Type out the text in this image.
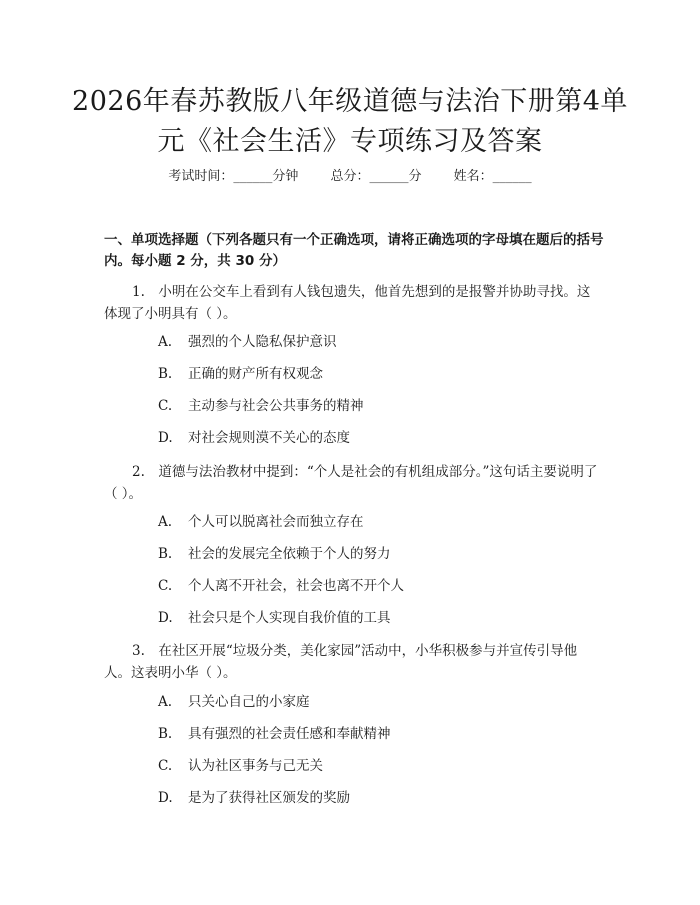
2026年春苏教版八年级道德与法治下册第4单元《社会生活》专项练习及答案
考试时间：______分钟 总分：______分 姓名：______
一、单项选择题（下列各题只有一个正确选项，请将正确选项的字母填在题后的括号内。每小题 2 分，共 30 分）
1.　小明在公交车上看到有人钱包遗失，他首先想到的是报警并协助寻找。这体现了小明具有（ ）。
A. 强烈的个人隐私保护意识
B. 正确的财产所有权观念
C. 主动参与社会公共事务的精神
D. 对社会规则漠不关心的态度
2.　道德与法治教材中提到：“个人是社会的有机组成部分。”这句话主要说明了（ ）。
A. 个人可以脱离社会而独立存在
B. 社会的发展完全依赖于个人的努力
C. 个人离不开社会，社会也离不开个人
D. 社会只是个人实现自我价值的工具
3.　在社区开展“垃圾分类，美化家园”活动中，小华积极参与并宣传引导他人。这表明小华（ ）。
A. 只关心自己的小家庭
B. 具有强烈的社会责任感和奉献精神
C. 认为社区事务与己无关
D. 是为了获得社区颁发的奖励
